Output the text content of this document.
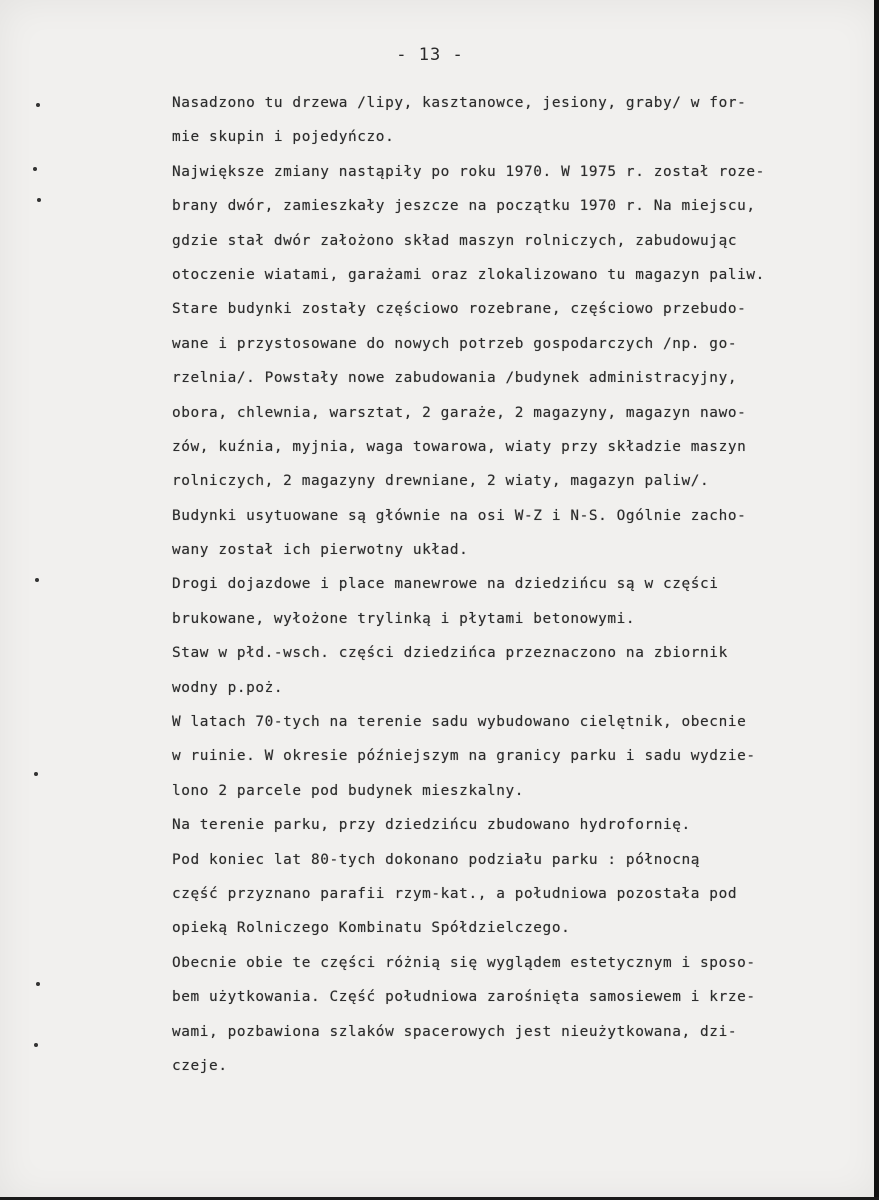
- 13 -
Nasadzono tu drzewa /lipy, kasztanowce, jesiony, graby/ w for-
mie skupin i pojedyńczo.
Największe zmiany nastąpiły po roku 1970. W 1975 r. został roze-
brany dwór, zamieszkały jeszcze na początku 1970 r. Na miejscu,
gdzie stał dwór założono skład maszyn rolniczych, zabudowując
otoczenie wiatami, garażami oraz zlokalizowano tu magazyn paliw.
Stare budynki zostały częściowo rozebrane, częściowo przebudo-
wane i przystosowane do nowych potrzeb gospodarczych /np. go-
rzelnia/. Powstały nowe zabudowania /budynek administracyjny,
obora, chlewnia, warsztat, 2 garaże, 2 magazyny, magazyn nawo-
zów, kuźnia, myjnia, waga towarowa, wiaty przy składzie maszyn
rolniczych, 2 magazyny drewniane, 2 wiaty, magazyn paliw/.
Budynki usytuowane są głównie na osi W-Z i N-S. Ogólnie zacho-
wany został ich pierwotny układ.
Drogi dojazdowe i place manewrowe na dziedzińcu są w części
brukowane, wyłożone trylinką i płytami betonowymi.
Staw w płd.-wsch. części dziedzińca przeznaczono na zbiornik
wodny p.poż.
W latach 70-tych na terenie sadu wybudowano cielętnik, obecnie
w ruinie. W okresie późniejszym na granicy parku i sadu wydzie-
lono 2 parcele pod budynek mieszkalny.
Na terenie parku, przy dziedzińcu zbudowano hydrofornię.
Pod koniec lat 80-tych dokonano podziału parku : północną
część przyznano parafii rzym-kat., a południowa pozostała pod
opieką Rolniczego Kombinatu Spółdzielczego.
Obecnie obie te części różnią się wyglądem estetycznym i sposo-
bem użytkowania. Część południowa zarośnięta samosiewem i krze-
wami, pozbawiona szlaków spacerowych jest nieużytkowana, dzi-
czeje.
